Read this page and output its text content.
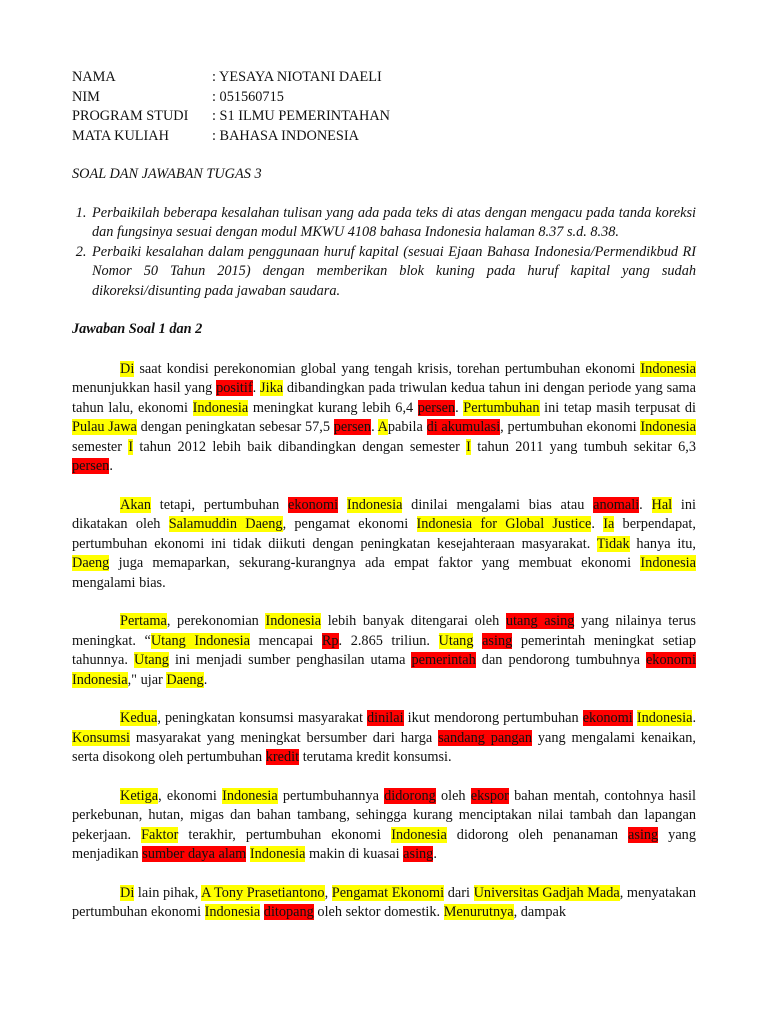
NAMA	: YESAYA NIOTANI DAELI
NIM	: 051560715
PROGRAM STUDI	: S1 ILMU PEMERINTAHAN
MATA KULIAH	: BAHASA INDONESIA
SOAL DAN JAWABAN TUGAS 3
1. Perbaikilah beberapa kesalahan tulisan yang ada pada teks di atas dengan mengacu pada tanda koreksi dan fungsinya sesuai dengan modul MKWU 4108 bahasa Indonesia halaman 8.37 s.d. 8.38.
2. Perbaiki kesalahan dalam penggunaan huruf kapital (sesuai Ejaan Bahasa Indonesia/Permendikbud RI Nomor 50 Tahun 2015) dengan memberikan blok kuning pada huruf kapital yang sudah dikoreksi/disunting pada jawaban saudara.
Jawaban Soal 1 dan 2

Di saat kondisi perekonomian global yang tengah krisis, torehan pertumbuhan ekonomi Indonesia menunjukkan hasil yang positif. Jika dibandingkan pada triwulan kedua tahun ini dengan periode yang sama tahun lalu, ekonomi Indonesia meningkat kurang lebih 6,4 persen. Pertumbuhan ini tetap masih terpusat di Pulau Jawa dengan peningkatan sebesar 57,5 persen. Apabila di akumulasi, pertumbuhan ekonomi Indonesia semester I tahun 2012 lebih baik dibandingkan dengan semester I tahun 2011 yang tumbuh sekitar 6,3 persen.

Akan tetapi, pertumbuhan ekonomi Indonesia dinilai mengalami bias atau anomali. Hal ini dikatakan oleh Salamuddin Daeng, pengamat ekonomi Indonesia for Global Justice. Ia berpendapat, pertumbuhan ekonomi ini tidak diikuti dengan peningkatan kesejahteraan masyarakat. Tidak hanya itu, Daeng juga memaparkan, sekurang-kurangnya ada empat faktor yang membuat ekonomi Indonesia mengalami bias.

Pertama, perekonomian Indonesia lebih banyak ditengarai oleh utang asing yang nilainya terus meningkat. “Utang Indonesia mencapai Rp. 2.865 triliun. Utang asing pemerintah meningkat setiap tahunnya. Utang ini menjadi sumber penghasilan utama pemerintah dan pendorong tumbuhnya ekonomi Indonesia," ujar Daeng.

Kedua, peningkatan konsumsi masyarakat dinilai ikut mendorong pertumbuhan ekonomi Indonesia. Konsumsi masyarakat yang meningkat bersumber dari harga sandang pangan yang mengalami kenaikan, serta disokong oleh pertumbuhan kredit terutama kredit konsumsi.

Ketiga, ekonomi Indonesia pertumbuhannya didorong oleh ekspor bahan mentah, contohnya hasil perkebunan, hutan, migas dan bahan tambang, sehingga kurang menciptakan nilai tambah dan lapangan pekerjaan. Faktor terakhir, pertumbuhan ekonomi Indonesia didorong oleh penanaman asing yang menjadikan sumber daya alam Indonesia makin di kuasai asing.

Di lain pihak, A Tony Prasetiantono, Pengamat Ekonomi dari Universitas Gadjah Mada, menyatakan pertumbuhan ekonomi Indonesia ditopang oleh sektor domestik. Menurutnya, dampak
